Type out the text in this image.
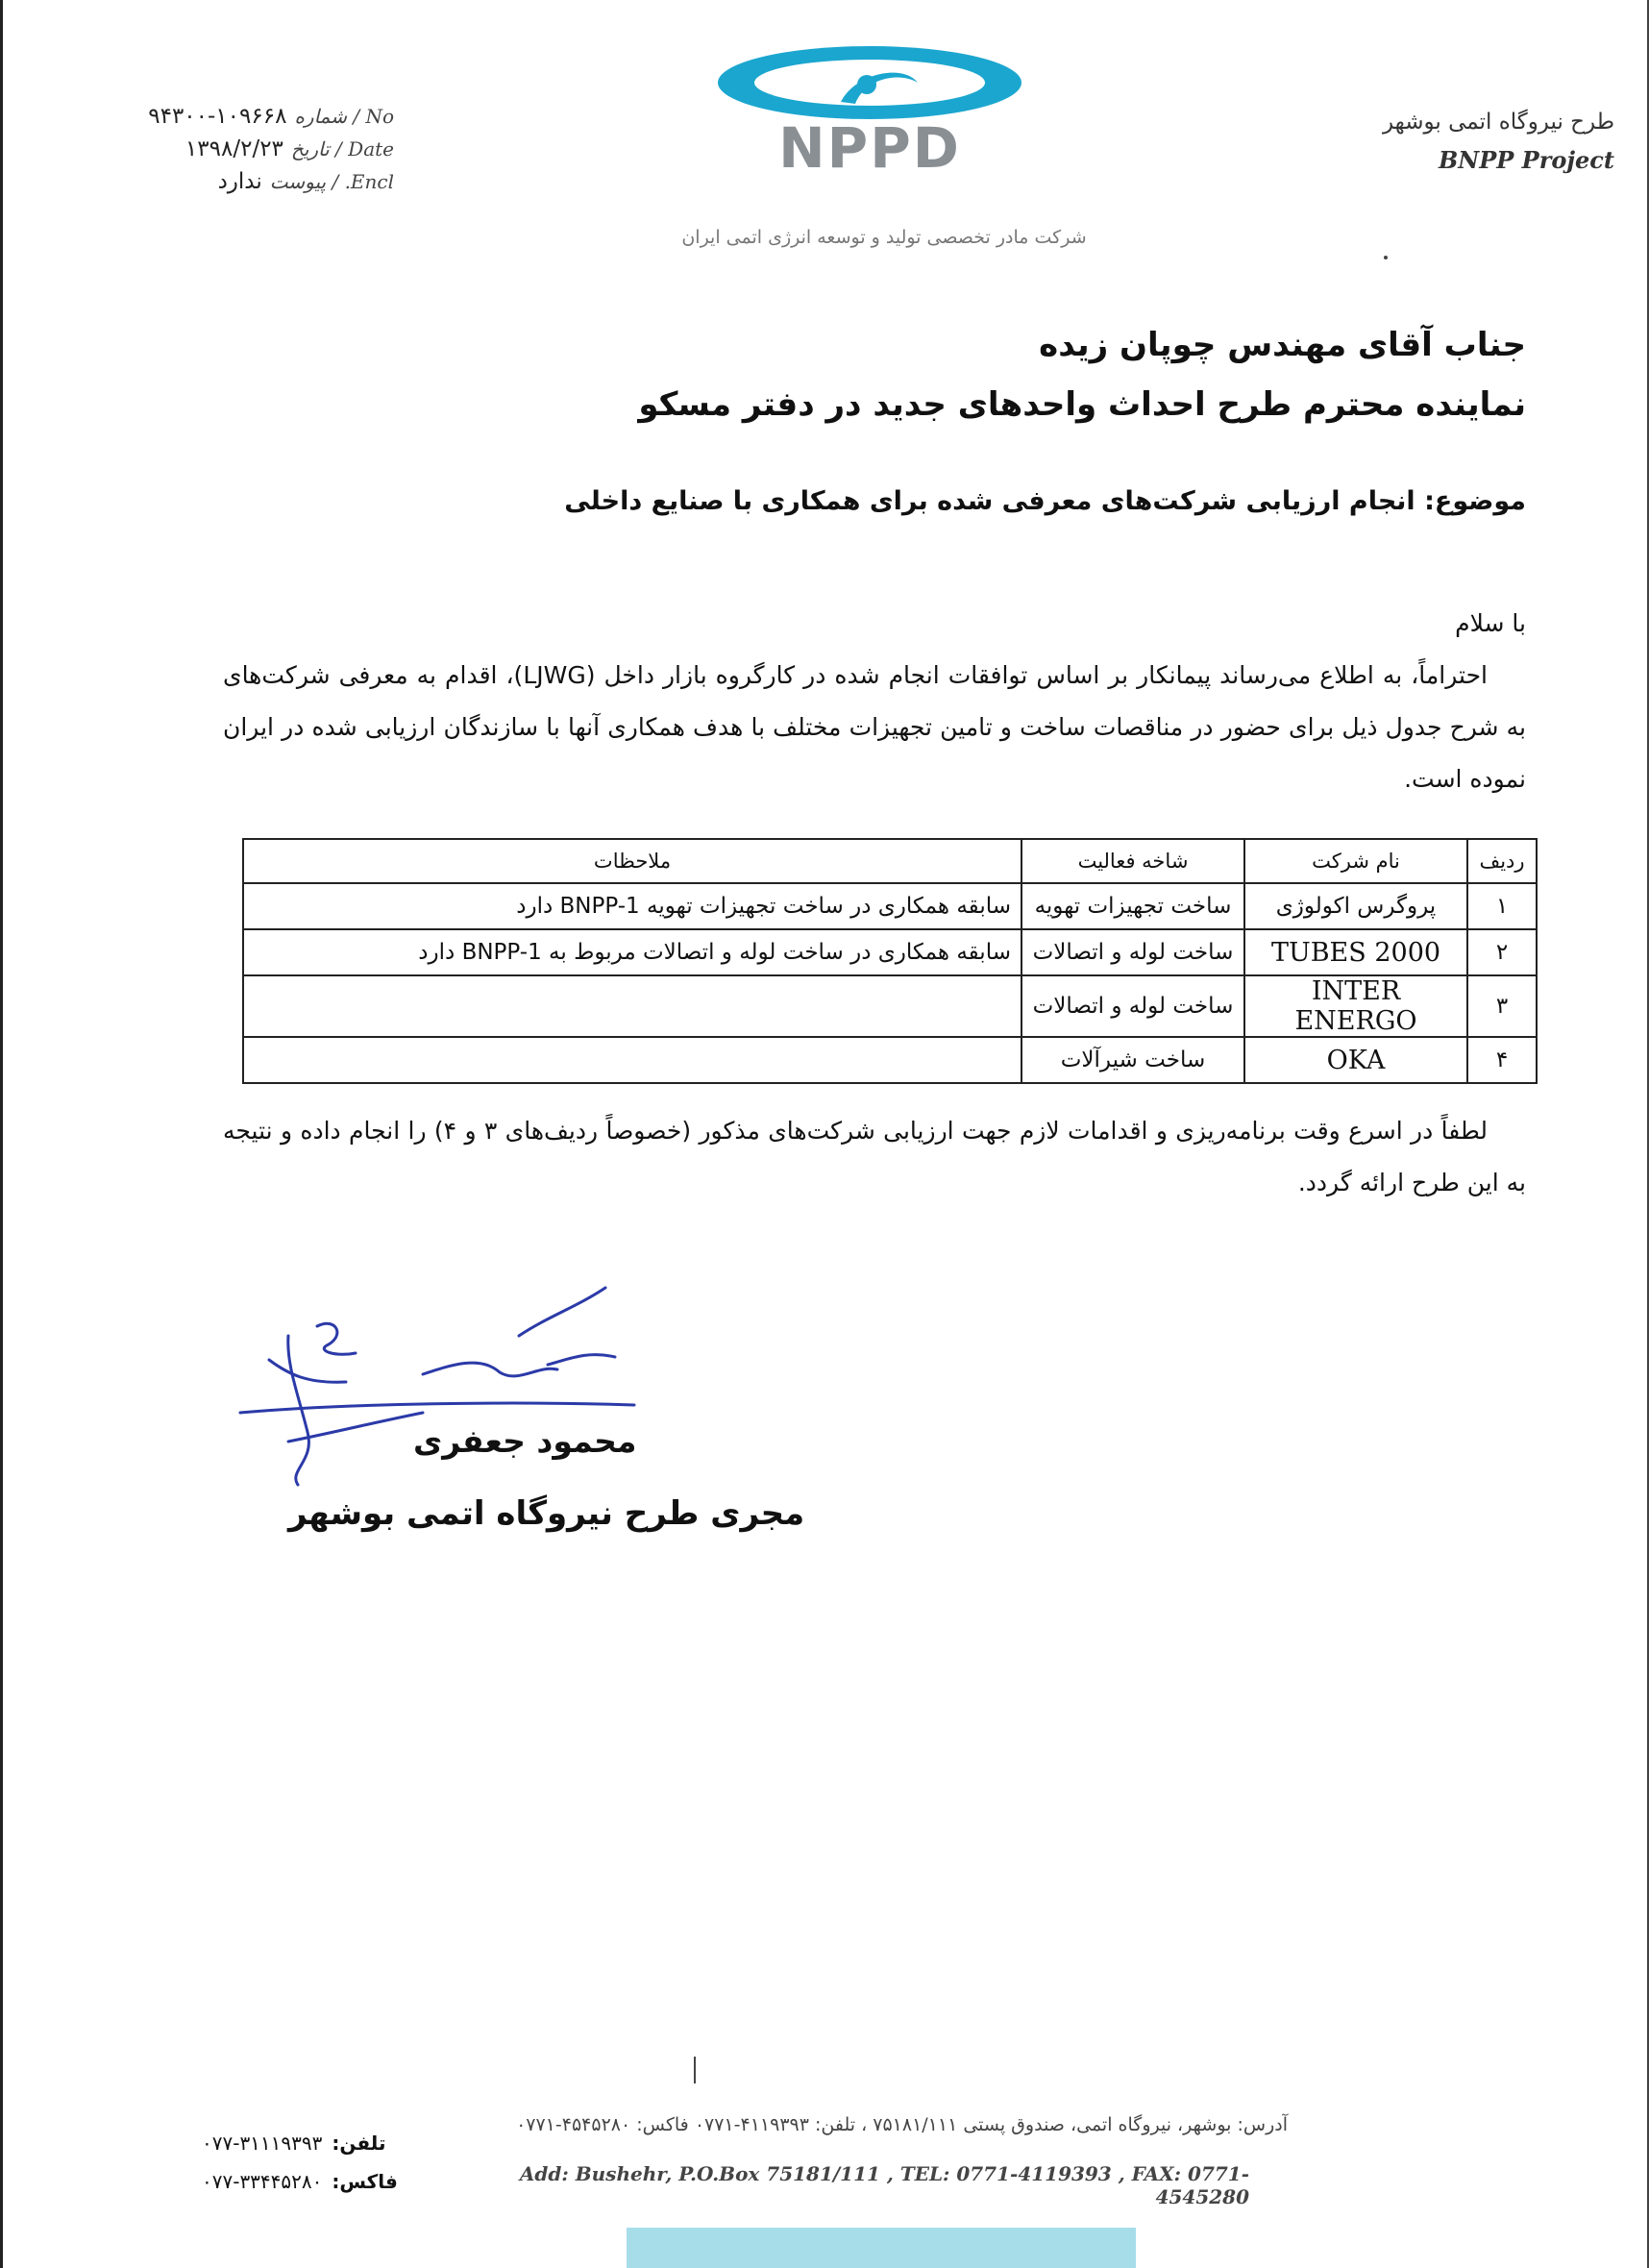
No / شماره
۹۴۳۰۰-۱۰۹۶۶۸
Date / تاریخ
۱۳۹۸/۲/۲۳
Encl. / پیوست
ندارد
NPPD
شرکت مادر تخصصی تولید و توسعه انرژی اتمی ایران
طرح نیروگاه اتمی بوشهر
BNPP Project
جناب آقای مهندس چوپان زیده
نماینده محترم طرح احداث واحدهای جدید در دفتر مسکو
موضوع: انجام ارزیابی شرکت‌های معرفی شده برای همکاری با صنایع داخلی

با سلام

احتراماً، به اطلاع می‌رساند پیمانکار بر اساس توافقات انجام شده در کارگروه بازار داخل (LJWG)، اقدام به معرفی شرکت‌های به شرح جدول ذیل برای حضور در مناقصات ساخت و تامین تجهیزات مختلف با هدف همکاری آنها با سازندگان ارزیابی شده در ایران نموده است.

ردیف	نام شرکت	شاخه فعالیت	ملاحظات
۱	پروگرس اکولوژی	ساخت تجهیزات تهویه	سابقه همکاری در ساخت تجهیزات تهویه BNPP-1 دارد
۲	TUBES 2000	ساخت لوله و اتصالات	سابقه همکاری در ساخت لوله و اتصالات مربوط به BNPP-1 دارد
۳	INTER ENERGO	ساخت لوله و اتصالات	
۴	OKA	ساخت شیرآلات	
لطفاً در اسرع وقت برنامه‌ریزی و اقدامات لازم جهت ارزیابی شرکت‌های مذکور (خصوصاً ردیف‌های ۳ و ۴) را انجام داده و نتیجه به این طرح ارائه گردد.
محمود جعفری
مجری طرح نیروگاه اتمی بوشهر
تلفن:
۰۷۷-۳۱۱۱۹۳۹۳
فاکس:
۰۷۷-۳۳۴۴۵۲۸۰
آدرس: بوشهر، نیروگاه اتمی، صندوق پستی ۷۵۱۸۱/۱۱۱ ، تلفن: ۴۱۱۹۳۹۳-۰۷۷۱ فاکس: ۴۵۴۵۲۸۰-۰۷۷۱
Add: Bushehr, P.O.Box 75181/111 , TEL: 0771-4119393 , FAX: 0771-4545280
